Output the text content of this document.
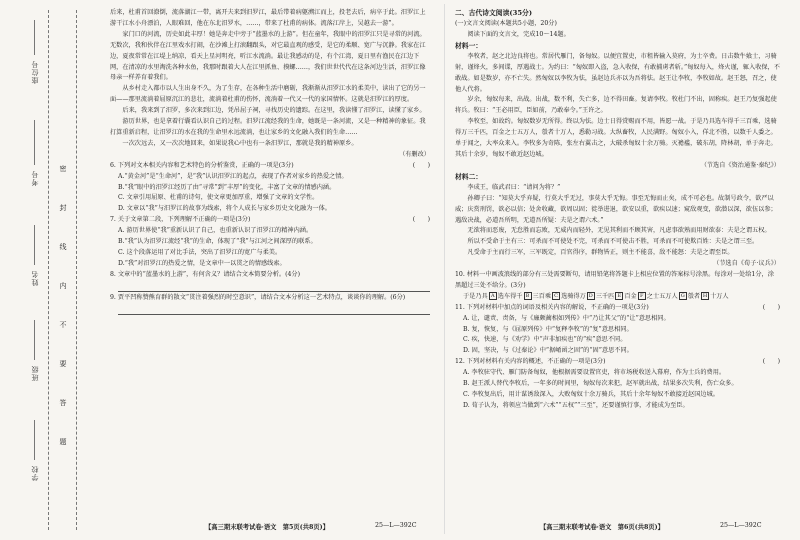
学校
班级
姓名
考号
座位号
密
封
线
内
不
要
答
题

后来，杜甫首回潦倒，流落湖江一带，离开夫来到汨罗江，最后带着病躯溯江而上，投老去后，病卒于此。汨罗江上游干江水小舟漂泊，人眼难回，他在东北汨罗水，……，带来了杜甫的病体。流落江岸上，吴越去一游”。

家门口的河流，历史如此丰厚！她是奔走中旁于“蓝墨水的上游”。但在童年，我眼中的汨罗江只是寻常的河流。无数次，我和伙伴在江里戏水打闹，在沙滩上打滚翻跟头，对它最直观的感受，是它的柔顺、宽广与沉静。我家在江边，夏夜常常在江堤上纳凉，看天上星河明亮，听江水流淌。最让我感动的是，有个江湾，夏日里有渔民在江边下网，在清凉的水里淘洗各种水鱼，我那时跟着大人在江里抓鱼、摸螺……，我们世世代代在这条河边生活，汨罗江像母亲一样养育着我们。

从乡村走入都市以人生出身不久，为了生存，在各种生活中磨砺，我渐渐从汨罗江水的柔美中，读出了它的另一面——那里流淌着屈原沉江的悲壮，流淌着杜甫的伤怀，流淌着一代又一代的家国情怀。这就是汨罗江的厚度。

后来，我来到了汨罗，多次来到江边，凭吊屈子祠，寻找历史的遗踪。在这里，我读懂了汨罗江，读懂了家乡。

游历世界，也是拿着行囊看认识自己的过程。汨罗江流经我的生命，她既是一条河流，又是一种精神的象征。我打算重新启程，让汨罗江的水在我的生命里永远流淌，也让家乡的文化融入我们的生命……

一次次远去，又一次次地回来，如果说我心中也有一条汨罗江，那就是我的精神原乡。

（有删改）

6. 下列对文本相关内容和艺术特色的分析鉴赏，正确的一项是(3分)	(　　)

A.“黄金河”是“生命河”，是“我”认识汨罗江的起点，表现了作者对家乡的热爱之情。

B.“我”眼中的汨罗江经历了由“寻常”到“丰厚”的变化，丰富了文章的情感内涵。

C. 文章引用屈原、杜甫的诗句，使文章更加厚重，增强了文章的文学性。

D. 文章以“我”与汨罗江的故事为线索，将个人成长与家乡历史文化融为一体。

7. 关于文章第二段，下列理解不正确的一项是(3分)	(　　)

A. 游历世界使“我”重新认识了自己，也重新认识了汨罗江的精神内涵。

B.“我”认为汨罗江流经“我”的生命，体现了“我”与江河之间深厚的联系。

C. 这个段落运用了对比手法，突出了汨罗江的宽广与柔美。

D.“我”对汨罗江的热爱之情，是文章中一以贯之的情感线索。

8. 文章中的“蓝墨水的上游”，有何含义？请结合文本简要分析。(4分)

9. 贾平凹称赞熊育群的散文“贯注着强烈的时空意识”，请结合文本分析这一艺术特点，谈谈你的理解。(6分)

【高三期末联考试卷·语文　第5页(共8页)】	25—L—392C
二、古代诗文阅读(35分)

(一)文言文阅读(本题共5小题，20分)

阅读下面的文言文，完成10～14题。

材料一：

李牧者，赵之北边良将也。常居代雁门，备匈奴。以便宜置吏，市租皆输入莫府，为士卒费。日击数牛飨士，习骑射，谨烽火，多间谍，厚遇战士。为约曰：“匈奴即入盗，急入收保，有敢捕虏者斩。”匈奴每入，烽火谨，辄入收保，不敢战。如是数岁，亦不亡失。然匈奴以李牧为怯，虽赵边兵亦以为吾将怯。赵王让李牧，李牧如故。赵王怒，召之，使他人代将。

岁余，匈奴每来，出战。出战，数不利，失亡多，边不得田畜。复请李牧。牧杜门不出，固称疾。赵王乃复强起使将兵。牧曰：“王必用臣，臣如前，乃敢奉令。”王许之。

李牧至，如故约。匈奴数岁无所得。终以为怯。边士日得赏赐而不用，皆愿一战。于是乃具选车得千三百乘，选骑得万三千匹，百金之士五万人，彀者十万人，悉勒习战。大纵畜牧，人民满野。匈奴小入，佯北不胜，以数千人委之。单于闻之，大率众来入。李牧多为奇陈，张左右翼击之，大破杀匈奴十余万骑。灭襜褴，破东胡，降林胡，单于奔走。其后十余岁，匈奴不敢近赵边城。

（节选自《资治通鉴·秦纪》）

材料二：

李成王，临武君曰：“请问为将？”

孙卿子曰：“知莫大乎弃疑，行莫大乎无过，事莫大乎无悔。事至无悔而止矣，成不可必也。故制号政令，欲严以威；庆赏刑罚，欲必以信；处舍收藏，欲周以固；徙举进退，欲安以重，欲疾以速；窥敌观变，欲潜以深，欲伍以参；遇敌决战，必道吾所明，无道吾所疑：夫是之谓六术。”

无欲将而恶废，无怠胜而忘败，无威内而轻外，无见其利而不顾其害，凡虑事欲熟而用财欲泰：夫是之谓五权。

所以不受命于主有三：可杀而不可使处不完，可杀而不可使击不胜，可杀而不可使欺百姓：夫是之谓三至。

凡受命于主而行三军，三军既定，百官得序，群物皆正，则主不能喜，敌不能怒：夫是之谓至臣。

（节选自《荀子·议兵》）

10. 材料一中画波浪线的部分有三处需要断句，请用铅笔将答题卡上相应位置的答案标号涂黑。每涂对一处给1分，涂黑超过三处不给分。(3分)

于是乃具 A 选车得千 B 三百乘 C 选骑得万 D 三千匹 E 百金 F 之士五万人 G 彀者 H 十万人

11. 下列对材料中加点的词语及相关内容的解说，不正确的一项是(3分)	(　　)

A. 让，谴责、责备，与《廉颇蔺相如列传》中“乃让其父”的“让”意思相同。

B. 复，恢复，与《屈原列传》中“复释李牧”的“复”意思相同。

C. 疾，快速，与《劝学》中“声非加疾也”的“疾”意思不同。

D. 固，坚决，与《过秦论》中“据崤函之固”的“固”意思不同。

12. 下列对材料有关内容的概述，不正确的一项是(3分)	(　　)

A. 李牧驻守代、雁门防备匈奴，他根据需要设置官吏，将市场税收送入幕府，作为士兵的费用。

B. 赵王派人替代李牧后，一年多的时间里，匈奴每次来犯，赵军就出战，结果多次失利，伤亡众多。

C. 李牧复出后，用计谋诱敌深入，大败匈奴十余万骑兵，其后十余年匈奴不敢接近赵国边城。

D. 荀子认为，将领应当做到“六术”“五权”“三至”，还要谨慎行事，才能成为至臣。

【高三期末联考试卷·语文　第6页(共8页)】	25—L—392C
